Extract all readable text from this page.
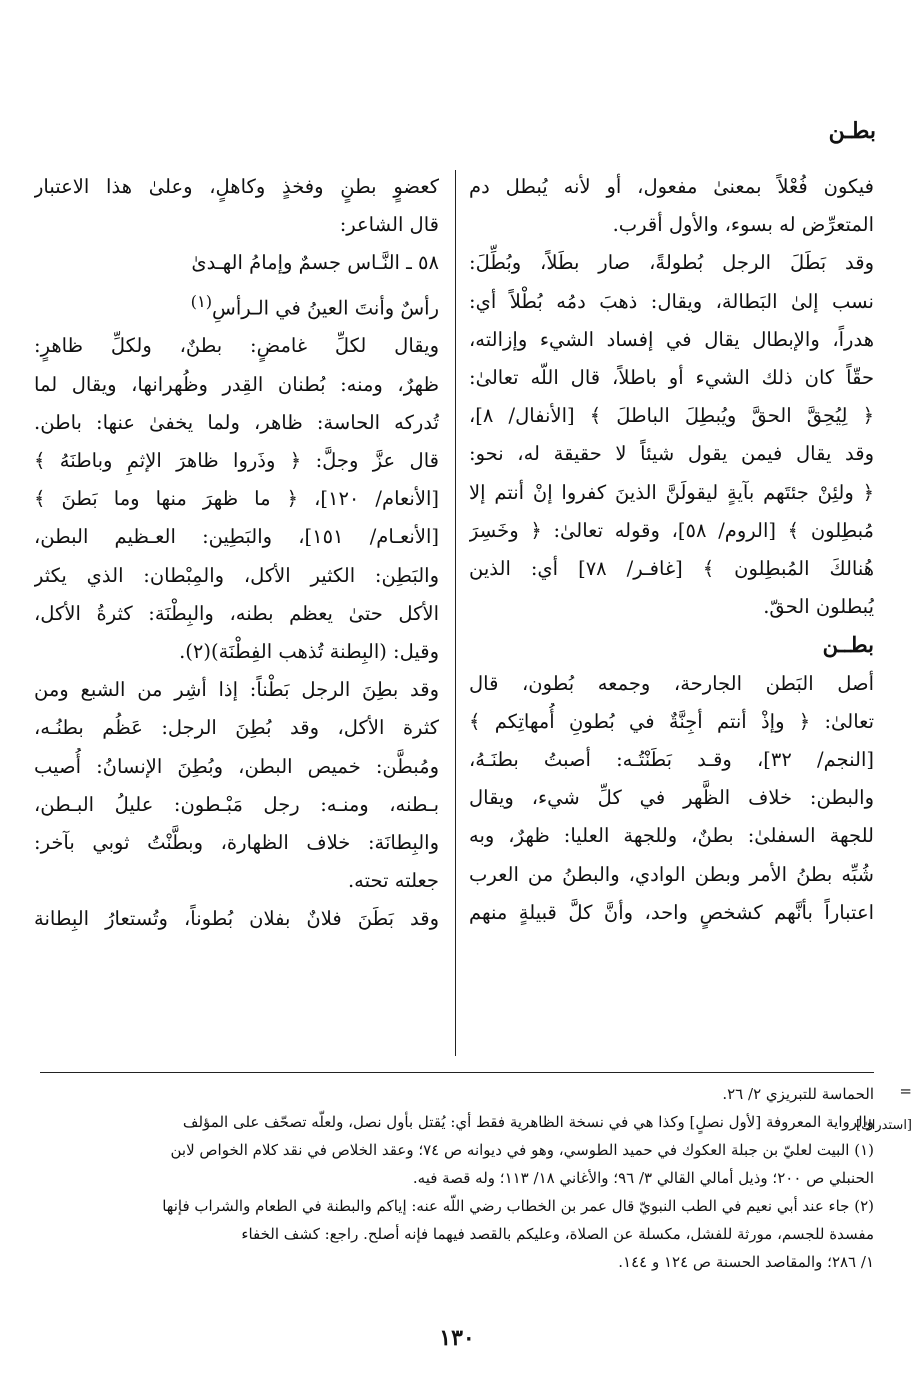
بطـن
فيكون فُعْلاً بمعنىٰ مفعول، أو لأنه يُبطل دم
المتعرِّض له بسوء، والأول أقرب.
وقد بَطَلَ الرجل بُطولةً، صار بطَلاً، وبُطِّلَ:
نسب إلىٰ البَطالة، ويقال: ذهبَ دمُه بُطْلاً أي:
هدراً، والإبطال يقال في إفساد الشيء وإزالته،
حقّاً كان ذلك الشيء أو باطلاً، قال اللّه تعالىٰ:
﴿ لِيُحِقَّ الحقَّ ويُبطِلَ الباطلَ ﴾ [الأنفال/ ٨]،
وقد يقال فيمن يقول شيئاً لا حقيقة له، نحو:
﴿ ولئِنْ جئتَهم بآيةٍ ليقولَنَّ الذينَ كفروا إنْ أنتم إلا
مُبطِلون ﴾ [الروم/ ٥٨]، وقوله تعالىٰ: ﴿ وخَسِرَ
هُنالكَ المُبطِلون ﴾ [غافـر/ ٧٨] أي: الذين
يُبطلون الحقّ.
بطــن
أصل البَطن الجارحة، وجمعه بُطون، قال
تعالىٰ: ﴿ وإذْ أنتم أجِنَّةٌ في بُطونِ أُمهاتِكم ﴾
[النجم/ ٣٢]، وقـد بَطَنْتُـه: أصبتُ بطنَـهُ،
والبطن: خلاف الظَّهر في كلِّ شيء، ويقال
للجهة السفلىٰ: بطنٌ، وللجهة العليا: ظهرٌ، وبه
شُبِّه بطنُ الأمر وبطن الوادي، والبطنُ من العرب
اعتباراً بأنَّهم كشخصٍ واحد، وأنَّ كلَّ قبيلةٍ منهم
كعضوٍ بطنٍ وفخذٍ وكاهلٍ، وعلىٰ هذا الاعتبار
قال الشاعر:
٥٨ ـ النَّـاس جسمٌ وإمامُ الهـدىٰ
رأسٌ وأنتَ العينُ في الـرأسِ$^{(١)}$
ويقال لكلِّ غامضٍ: بطنٌ، ولكلِّ ظاهرٍ:
ظهرٌ، ومنه: بُطنان القِدر وظُهرانها، ويقال لما
تُدركه الحاسة: ظاهر، ولما يخفىٰ عنها: باطن.
قال عزَّ وجلَّ: ﴿ وذَروا ظاهرَ الإثمِ وباطنَهُ ﴾
[الأنعام/ ١٢٠]، ﴿ ما ظهرَ منها وما بَطنَ ﴾
[الأنعـام/ ١٥١]، والبَطِين: العـظيم البطن،
والبَطِن: الكثير الأكل، والمِبْطان: الذي يكثر
الأكل حتىٰ يعظم بطنه، والبِطْنَة: كثرةُ الأكل،
وقيل: (البِطنة تُذهب الفِطْنَة)(٢).
وقد بطِنَ الرجل بَطْناً: إذا أشِر من الشبع ومن
كثرة الأكل، وقد بُطِنَ الرجل: عَظُم بطنُـه،
ومُبطَّن: خميص البطن، وبُطِنَ الإنسانُ: أُصيب
بـطنه، ومنـه: رجل مَبْـطون: عليلُ البـطن،
والبِطانَة: خلاف الظهارة، وبطَّنْتُ ثوبي بآخر:
جعلته تحته.
وقد بَطَنَ فلانٌ بفلان بُطوناً، وتُستعارُ البِطانة
=
[استدراك]
الحماسة للتبريزي ٢/ ٢٦.
والرواية المعروفة [لأول نصلٍ] وكذا هي في نسخة الظاهرية فقط أي: يُقتل بأول نصل، ولعلّه تصحّف على المؤلف
(١) البيت لعليّ بن جبلة العكوك في حميد الطوسي، وهو في ديوانه ص ٧٤؛ وعقد الخلاص في نقد كلام الخواص لابن
الحنبلي ص ٢٠٠؛ وذيل أمالي القالي ٣/ ٩٦؛ والأغاني ١٨/ ١١٣؛ وله قصة فيه.
(٢) جاء عند أبي نعيم في الطب النبويّ قال عمر بن الخطاب رضي اللّه عنه: إياكم والبطنة في الطعام والشراب فإنها
مفسدة للجسم، مورثة للفشل، مكسلة عن الصلاة، وعليكم بالقصد فيهما فإنه أصلح. راجع: كشف الخفاء
١/ ٢٨٦؛ والمقاصد الحسنة ص ١٢٤ و ١٤٤.
١٣٠
